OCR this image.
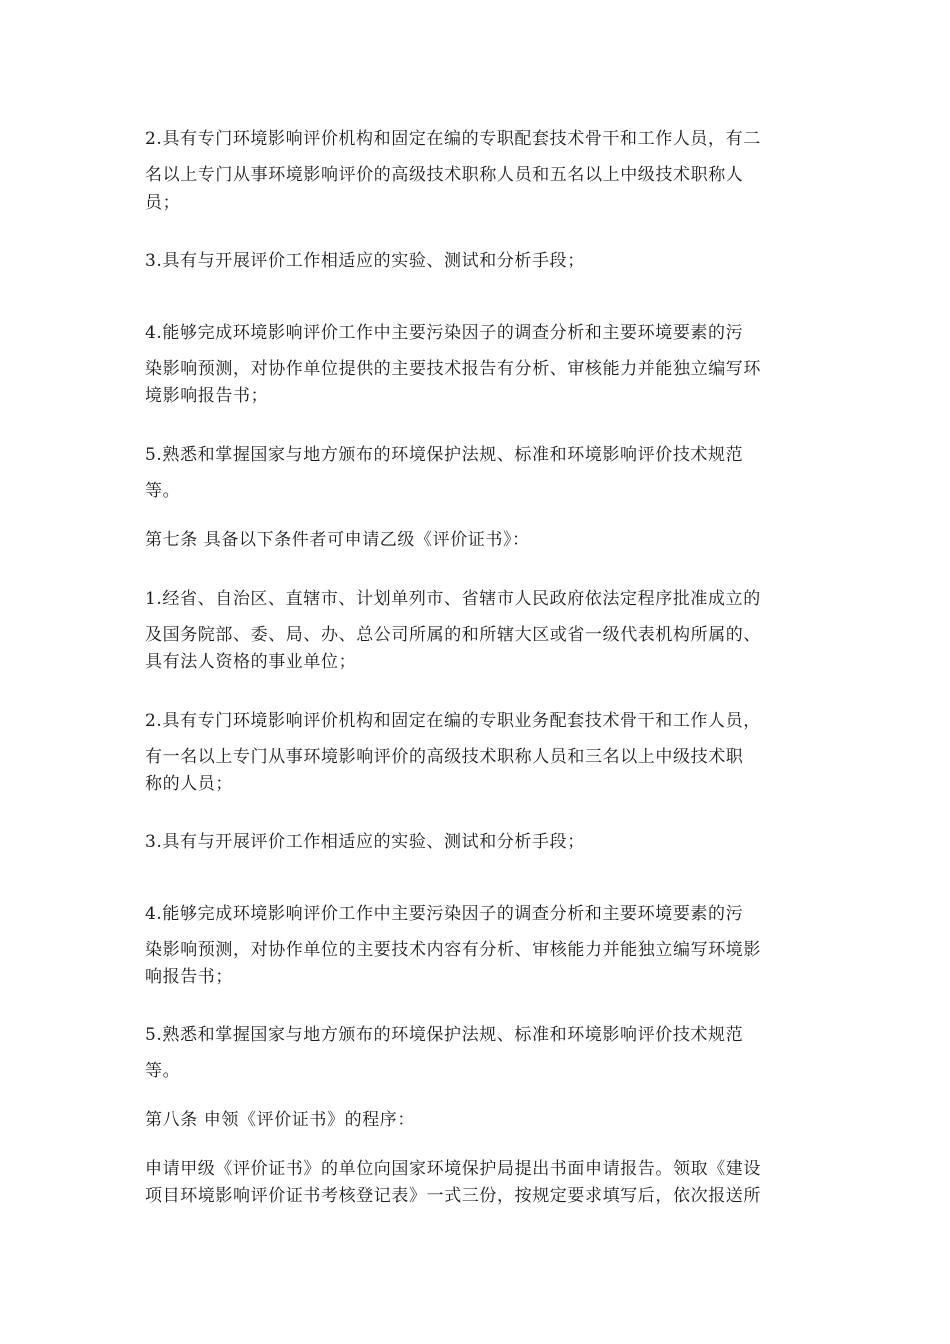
2.具有专门环境影响评价机构和固定在编的专职配套技术骨干和工作人员，有二
名以上专门从事环境影响评价的高级技术职称人员和五名以上中级技术职称人
员；
3.具有与开展评价工作相适应的实验、测试和分析手段；
4.能够完成环境影响评价工作中主要污染因子的调查分析和主要环境要素的污
染影响预测，对协作单位提供的主要技术报告有分析、审核能力并能独立编写环
境影响报告书；
5.熟悉和掌握国家与地方颁布的环境保护法规、标准和环境影响评价技术规范
等。
第七条 具备以下条件者可申请乙级《评价证书》：
1.经省、自治区、直辖市、计划单列市、省辖市人民政府依法定程序批准成立的
及国务院部、委、局、办、总公司所属的和所辖大区或省一级代表机构所属的、
具有法人资格的事业单位；
2.具有专门环境影响评价机构和固定在编的专职业务配套技术骨干和工作人员，
有一名以上专门从事环境影响评价的高级技术职称人员和三名以上中级技术职
称的人员；
3.具有与开展评价工作相适应的实验、测试和分析手段；
4.能够完成环境影响评价工作中主要污染因子的调查分析和主要环境要素的污
染影响预测，对协作单位的主要技术内容有分析、审核能力并能独立编写环境影
响报告书；
5.熟悉和掌握国家与地方颁布的环境保护法规、标准和环境影响评价技术规范
等。
第八条 申领《评价证书》的程序：
申请甲级《评价证书》的单位向国家环境保护局提出书面申请报告。领取《建设
项目环境影响评价证书考核登记表》一式三份，按规定要求填写后，依次报送所
